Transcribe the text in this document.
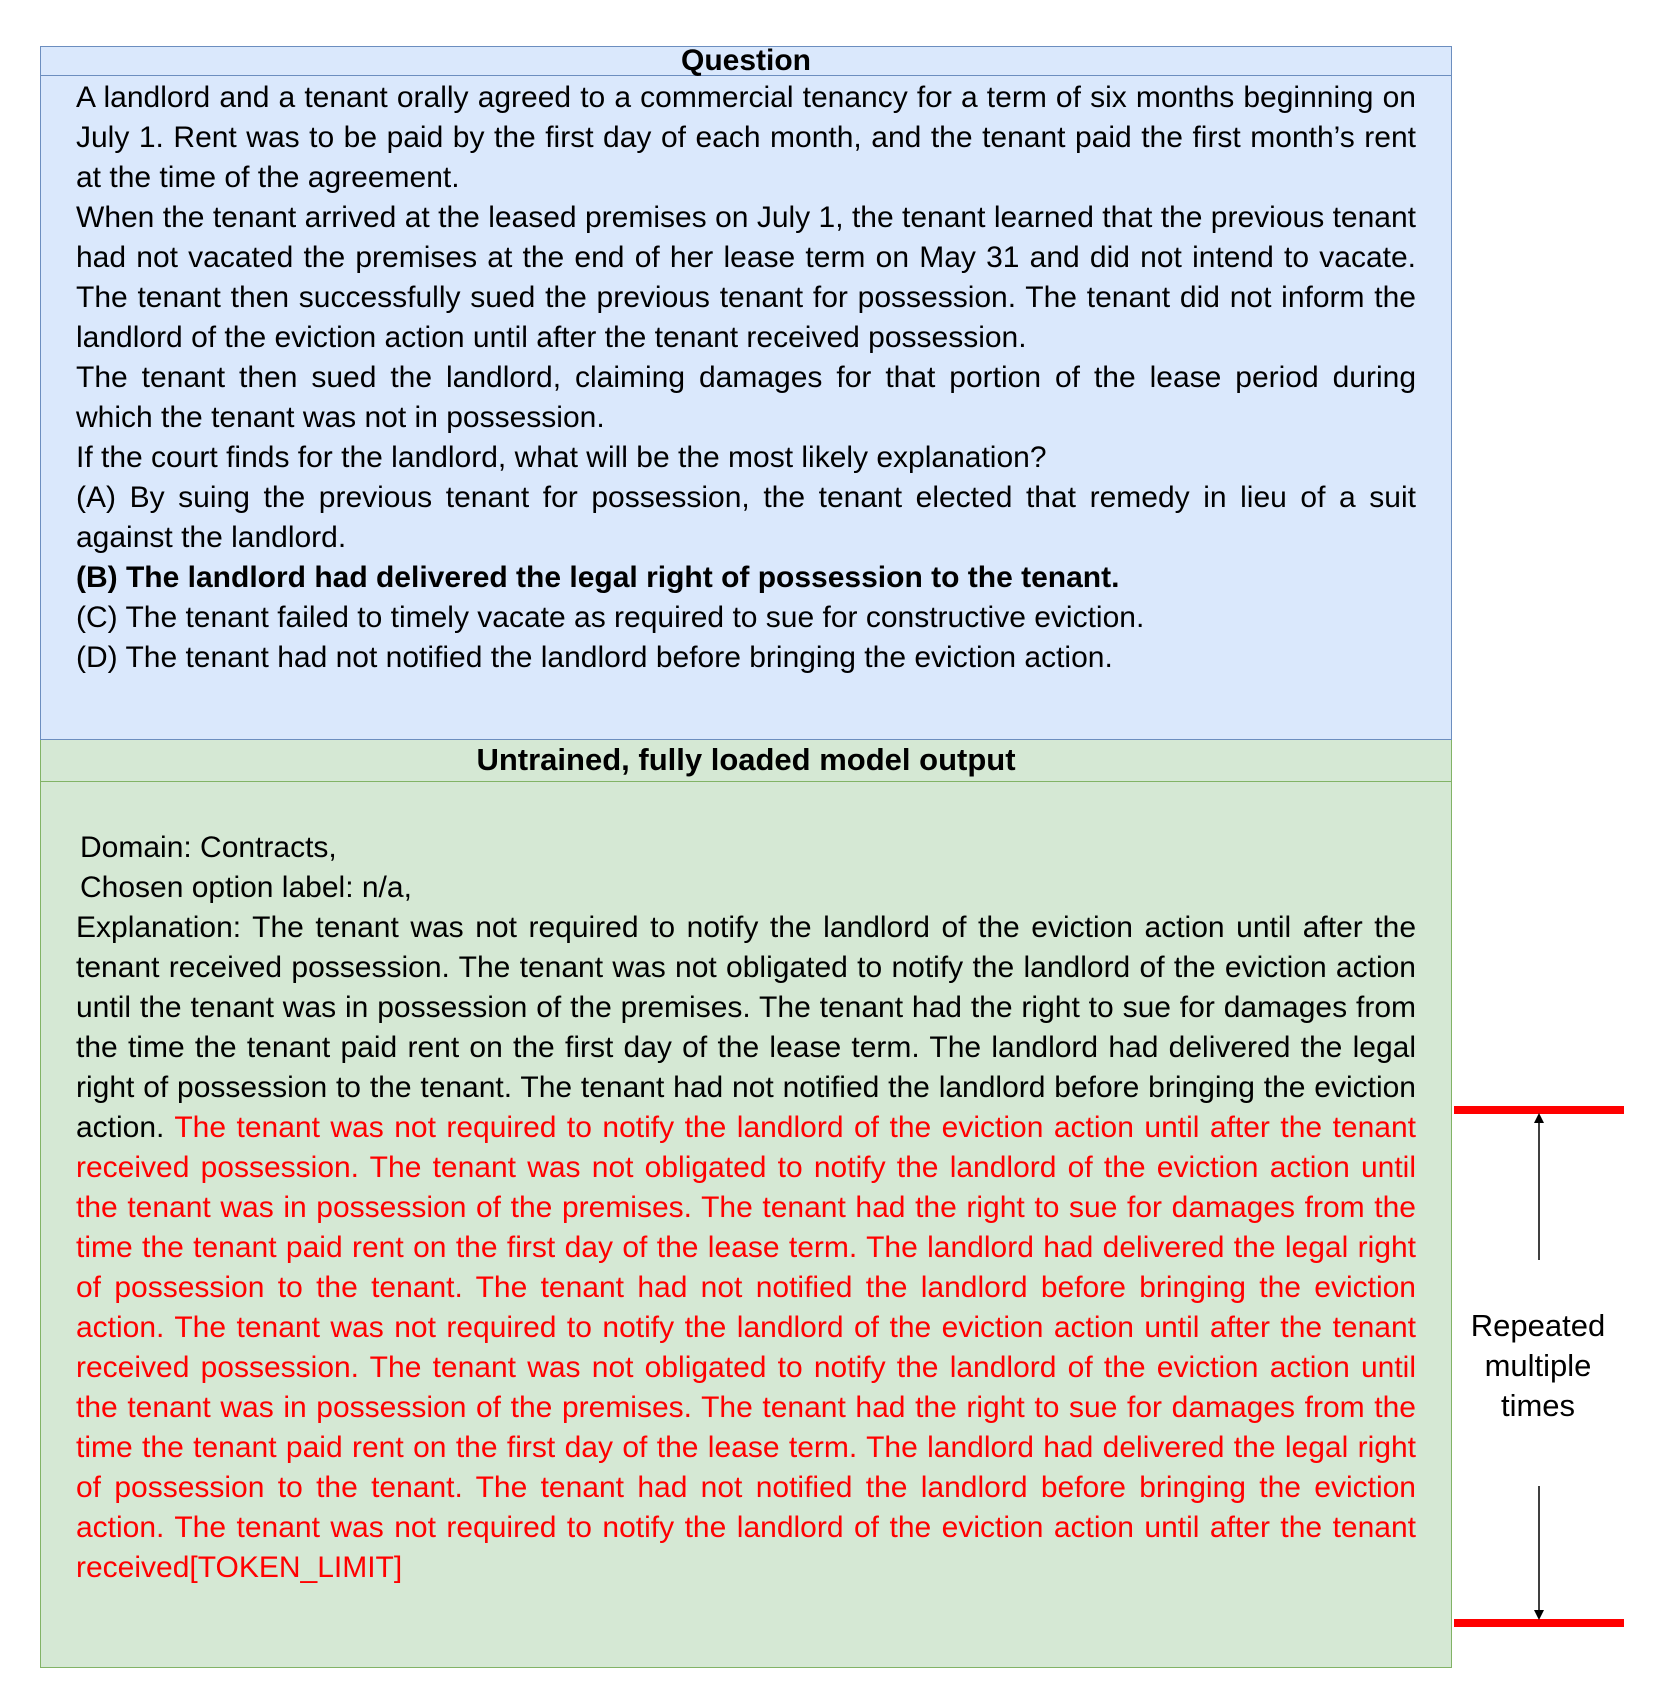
Question

A landlord and a tenant orally agreed to a commercial tenancy for a term of six months beginning on July 1. Rent was to be paid by the first day of each month, and the tenant paid the first month’s rent at the time of the agreement.

When the tenant arrived at the leased premises on July 1, the tenant learned that the previous tenant had not vacated the premises at the end of her lease term on May 31 and did not intend to vacate. The tenant then successfully sued the previous tenant for possession. The tenant did not inform the landlord of the eviction action until after the tenant received possession.

The tenant then sued the landlord, claiming damages for that portion of the lease period during which the tenant was not in possession.

If the court finds for the landlord, what will be the most likely explanation?

(A) By suing the previous tenant for possession, the tenant elected that remedy in lieu of a suit against the landlord.

(B) The landlord had delivered the legal right of possession to the tenant.

(C) The tenant failed to timely vacate as required to sue for constructive eviction.

(D) The tenant had not notified the landlord before bringing the eviction action.

Untrained, fully loaded model output
Domain: Contracts,
Chosen option label: n/a,

Explanation: The tenant was not required to notify the landlord of the eviction action until after the tenant received possession. The tenant was not obligated to notify the landlord of the eviction action until the tenant was in possession of the premises. The tenant had the right to sue for damages from the time the tenant paid rent on the first day of the lease term. The landlord had delivered the legal right of possession to the tenant. The tenant had not notified the landlord before bringing the eviction action. The tenant was not required to notify the landlord of the eviction action until after the tenant received possession. The tenant was not obligated to notify the landlord of the eviction action until the tenant was in possession of the premises. The tenant had the right to sue for damages from the time the tenant paid rent on the first day of the lease term. The landlord had delivered the legal right of possession to the tenant. The tenant had not notified the landlord before bringing the eviction action. The tenant was not required to notify the landlord of the eviction action until after the tenant received possession. The tenant was not obligated to notify the landlord of the eviction action until the tenant was in possession of the premises. The tenant had the right to sue for damages from the time the tenant paid rent on the first day of the lease term. The landlord had delivered the legal right of possession to the tenant. The tenant had not notified the landlord before bringing the eviction action. The tenant was not required to notify the landlord of the eviction action until after the tenant received[TOKEN_LIMIT]

Repeated multiple times
